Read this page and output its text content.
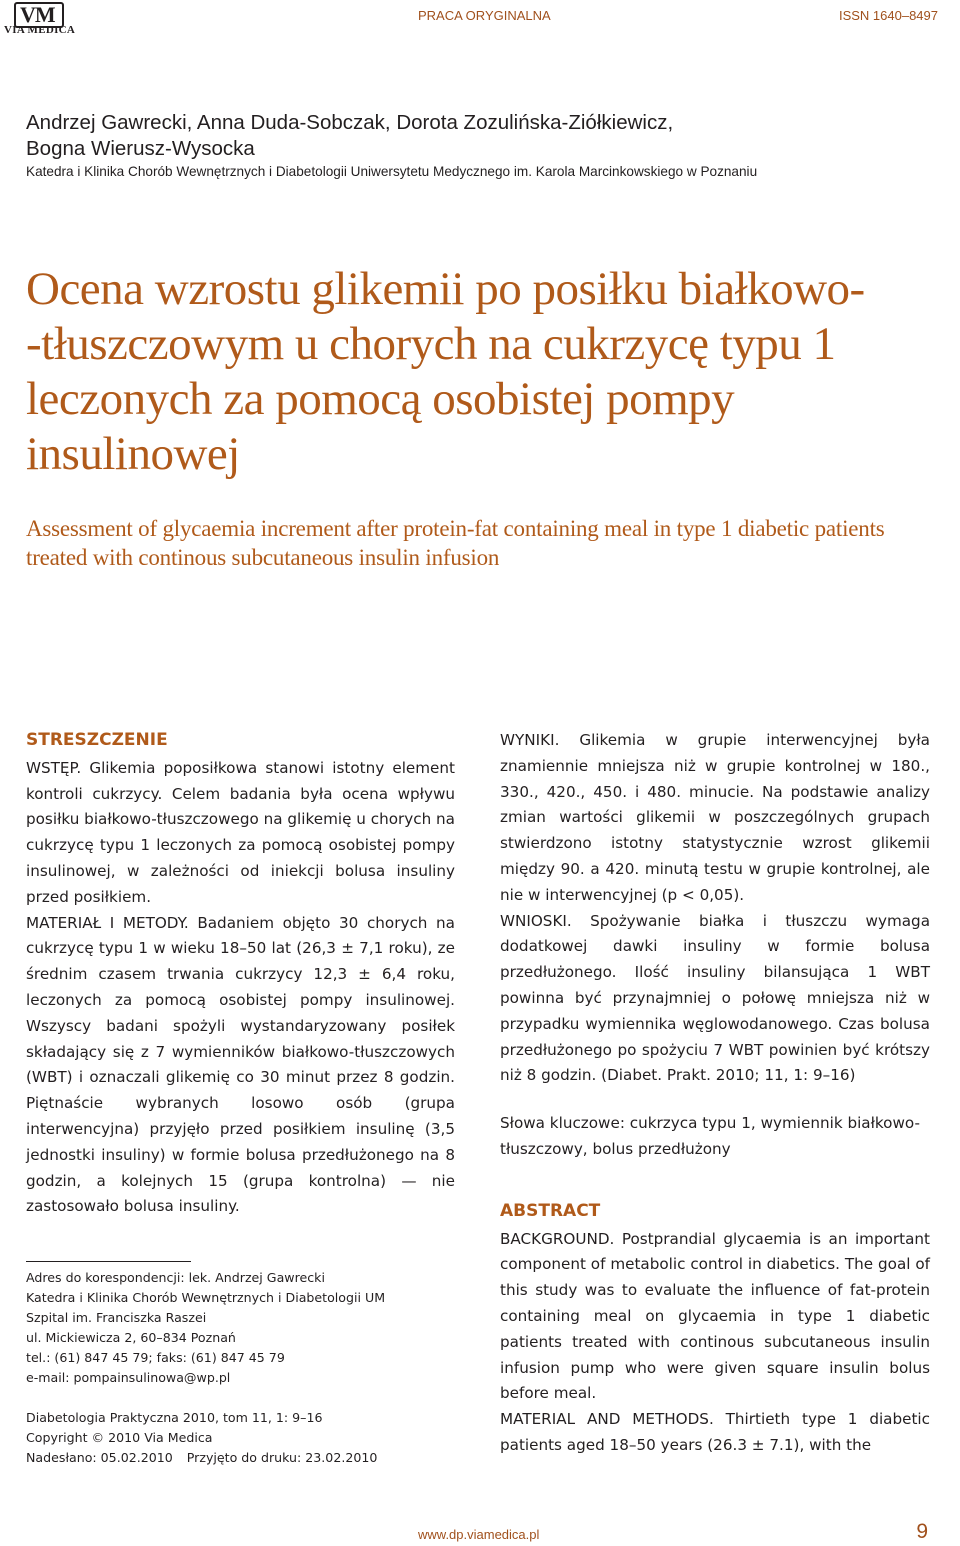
VM
VIA MEDICA
PRACA ORYGINALNA	ISSN 1640–8497
Andrzej Gawrecki, Anna Duda-Sobczak, Dorota Zozulińska-Ziółkiewicz,
Bogna Wierusz-Wysocka
Katedra i Klinika Chorób Wewnętrznych i Diabetologii Uniwersytetu Medycznego im. Karola Marcinkowskiego w Poznaniu
Ocena wzrostu glikemii po posiłku białkowo-
-tłuszczowym u chorych na cukrzycę typu 1
leczonych za pomocą osobistej pompy
insulinowej
Assessment of glycaemia increment after protein-fat containing meal in type 1 diabetic patients treated with continous subcutaneous insulin infusion
STRESZCZENIE
WSTĘP. Glikemia poposiłkowa stanowi istotny element kontroli cukrzycy. Celem badania była ocena wpływu posiłku białkowo-tłuszczowego na glikemię u chorych na cukrzycę typu 1 leczonych za pomocą osobistej pompy insulinowej, w zależności od iniekcji bolusa insuliny przed posiłkiem.
MATERIAŁ I METODY. Badaniem objęto 30 chorych na cukrzycę typu 1 w wieku 18–50 lat (26,3 ± 7,1 roku), ze średnim czasem trwania cukrzycy 12,3 ± 6,4 roku, leczonych za pomocą osobistej pompy insulinowej. Wszyscy badani spożyli wystandaryzowany posiłek składający się z 7 wymienników białkowo-tłuszczowych (WBT) i oznaczali glikemię co 30 minut przez 8 godzin. Piętnaście wybranych losowo osób (grupa interwencyjna) przyjęło przed posiłkiem insulinę (3,5 jednostki insuliny) w formie bolusa przedłużonego na 8 godzin, a kolejnych 15 (grupa kontrolna) — nie zastosowało bolusa insuliny.
WYNIKI. Glikemia w grupie interwencyjnej była znamiennie mniejsza niż w grupie kontrolnej w 180., 330., 420., 450. i 480. minucie. Na podstawie analizy zmian wartości glikemii w poszczególnych grupach stwierdzono istotny statystycznie wzrost glikemii między 90. a 420. minutą testu w grupie kontrolnej, ale nie w interwencyjnej (p < 0,05).
WNIOSKI. Spożywanie białka i tłuszczu wymaga dodatkowej dawki insuliny w formie bolusa przedłużonego. Ilość insuliny bilansująca 1 WBT powinna być przynajmniej o połowę mniejsza niż w przypadku wymiennika węglowodanowego. Czas bolusa przedłużonego po spożyciu 7 WBT powinien być krótszy niż 8 godzin. (Diabet. Prakt. 2010; 11, 1: 9–16)
Słowa kluczowe: cukrzyca typu 1, wymiennik białkowo-tłuszczowy, bolus przedłużony
ABSTRACT
BACKGROUND. Postprandial glycaemia is an important component of metabolic control in diabetics. The goal of this study was to evaluate the influence of fat-protein containing meal on glycaemia in type 1 diabetic patients treated with continous subcutaneous insulin infusion pump who were given square insulin bolus before meal.
MATERIAL AND METHODS. Thirtieth type 1 diabetic patients aged 18–50 years (26.3 ± 7.1), with the
Adres do korespondencji: lek. Andrzej Gawrecki
Katedra i Klinika Chorób Wewnętrznych i Diabetologii UM
Szpital im. Franciszka Raszei
ul. Mickiewicza 2, 60–834 Poznań
tel.: (61) 847 45 79; faks: (61) 847 45 79
e-mail: pompainsulinowa@wp.pl
Diabetologia Praktyczna 2010, tom 11, 1: 9–16
Copyright © 2010 Via Medica
Nadesłano: 05.02.2010 Przyjęto do druku: 23.02.2010
www.dp.viamedica.pl	9
